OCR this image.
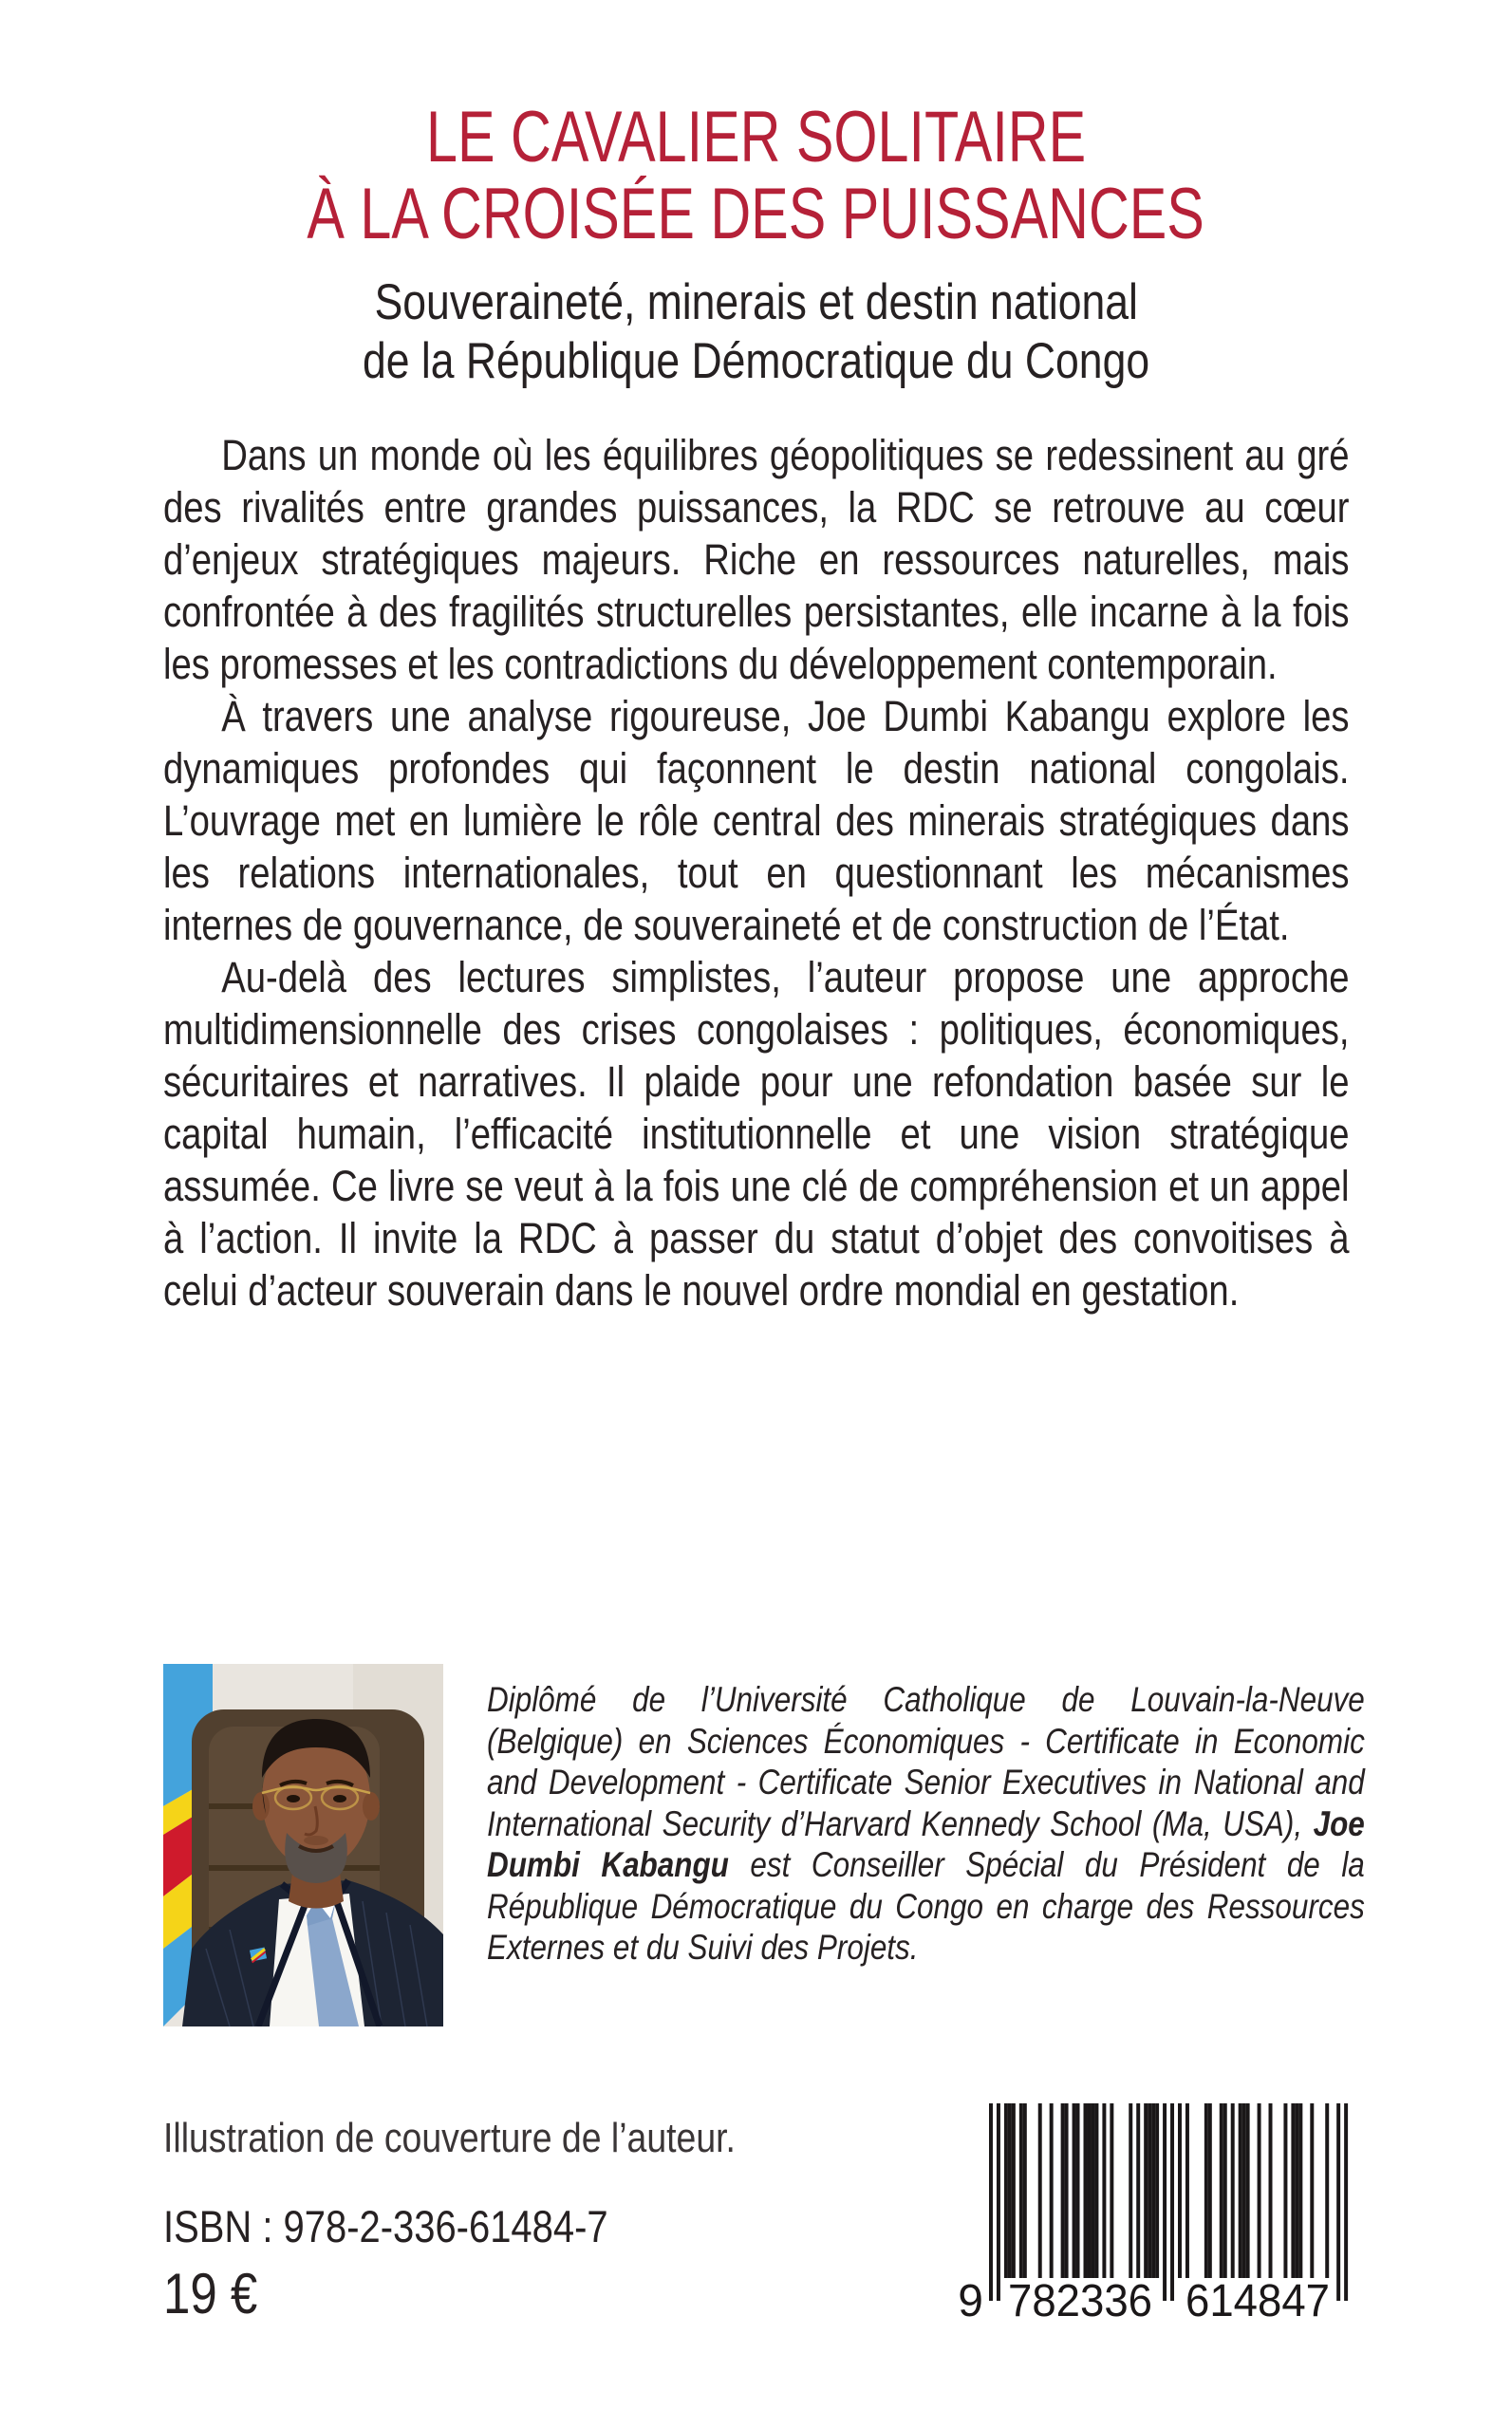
LE CAVALIER SOLITAIRE
À LA CROISÉE DES PUISSANCES
Souveraineté, minerais et destin national
de la République Démocratique du Congo

Dans un monde où les équilibres géopolitiques se redessinent au gré des rivalités entre grandes puissances, la RDC se retrouve au cœur d’enjeux stratégiques majeurs. Riche en ressources naturelles, mais confrontée à des fragilités structurelles persistantes, elle incarne à la fois les promesses et les contradictions du développement contemporain.

À travers une analyse rigoureuse, Joe Dumbi Kabangu explore les dynamiques profondes qui façonnent le destin national congolais. L’ouvrage met en lumière le rôle central des minerais stratégiques dans les relations internationales, tout en questionnant les mécanismes internes de gouvernance, de souveraineté et de construction de l’État.

Au-delà des lectures simplistes, l’auteur propose une approche multidimensionnelle des crises congolaises : politiques, économiques, sécuritaires et narratives. Il plaide pour une refondation basée sur le capital humain, l’efficacité institutionnelle et une vision stratégique assumée. Ce livre se veut à la fois une clé de compréhension et un appel à l’action. Il invite la RDC à passer du statut d’objet des convoitises à celui d’acteur souverain dans le nouvel ordre mondial en gestation.

Diplômé de l’Université Catholique de Louvain-la-Neuve (Belgique) en Sciences Économiques - Certificate in Economic and Development - Certificate Senior Executives in National and International Security d’Harvard Kennedy School (Ma, USA), Joe Dumbi Kabangu est Conseiller Spécial du Président de la République Démocratique du Congo en charge des Ressources Externes et du Suivi des Projets.
Illustration de couverture de l’auteur.
ISBN : 978-2-336-61484-7
19 €	9 782336 614847
